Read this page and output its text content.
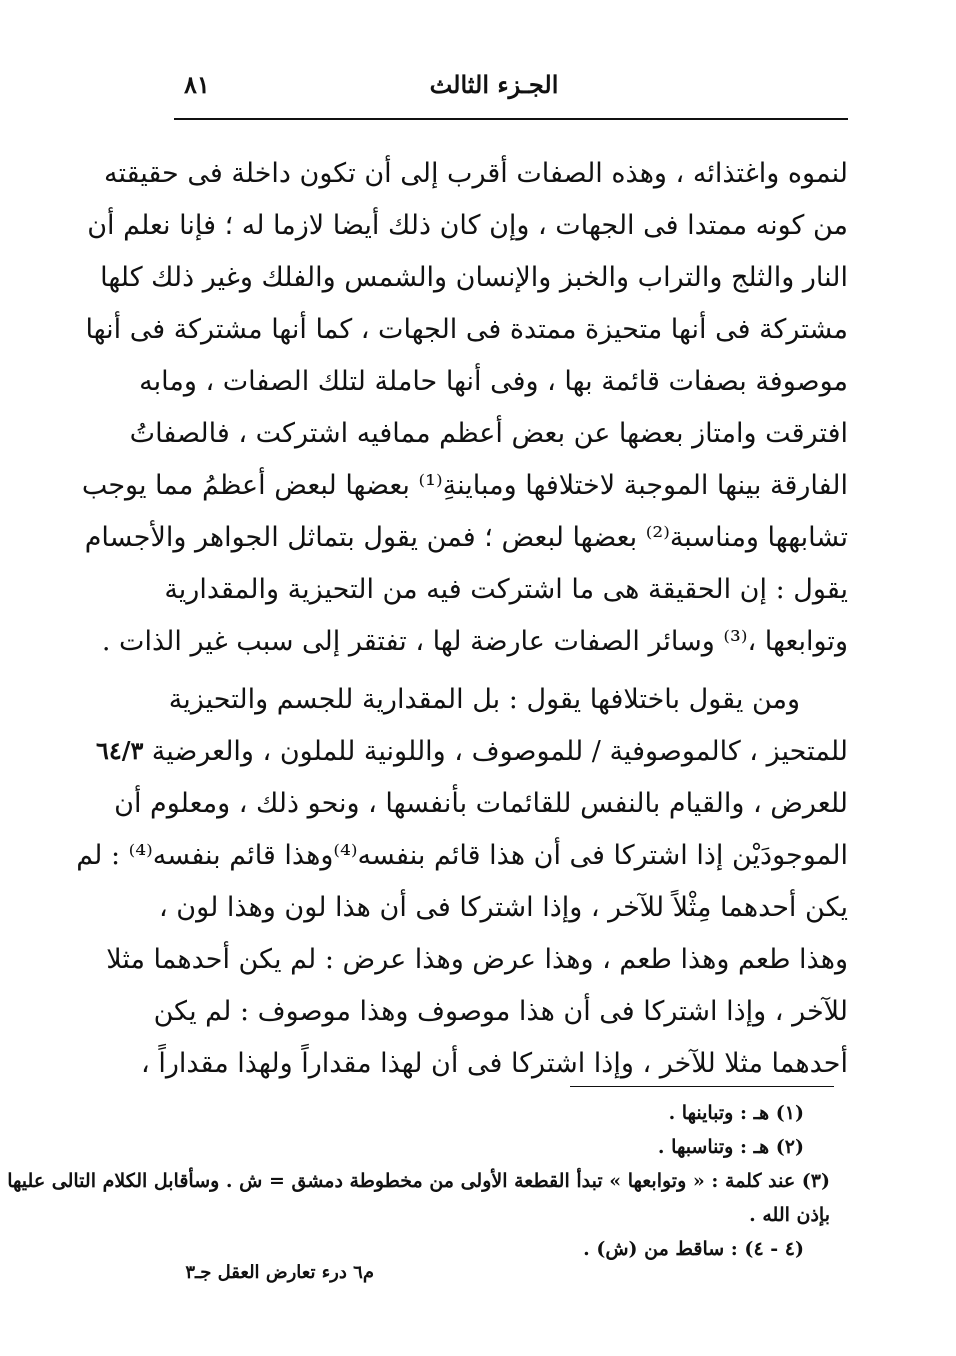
٨١	الجـزء الثالث
٦٤/٣
لنموه واغتذائه ، وهذه الصفات أقرب إلى أن تكون داخلة فى حقيقته
من كونه ممتدا فى الجهات ، وإن كان ذلك أيضا لازما له ؛ فإنا نعلم أن
النار والثلج والتراب والخبز والإنسان والشمس والفلك وغير ذلك كلها
مشتركة فى أنها متحيزة ممتدة فى الجهات ، كما أنها مشتركة فى أنها
موصوفة بصفات قائمة بها ، وفى أنها حاملة لتلك الصفات ، ومابه
افترقت وامتاز بعضها عن بعض أعظم ممافيه اشتركت ، فالصفاتُ
الفارقة بينها الموجبة لاختلافها ومباينةِ⁽¹⁾ بعضها لبعض أعظمُ مما يوجب
تشابهها ومناسبة⁽²⁾ بعضها لبعض ؛ فمن يقول بتماثل الجواهر والأجسام
يقول : إن الحقيقة هى ما اشتركت فيه من التحيزية والمقدارية
وتوابعها ،⁽³⁾ وسائر الصفات عارضة لها ، تفتقر إلى سبب غير الذات .
ومن يقول باختلافها يقول : بل المقدارية للجسم والتحيزية
للمتحيز ، كالموصوفية / للموصوف ، واللونية للملون ، والعرضية
للعرض ، والقيام بالنفس للقائمات بأنفسها ، ونحو ذلك ، ومعلوم أن
الموجودَيْن إذا اشتركا فى أن هذا قائم بنفسه⁽⁴⁾وهذا قائم بنفسه⁽⁴⁾ : لم
يكن أحدهما مِثْلاً للآخر ، وإذا اشتركا فى أن هذا لون وهذا لون ،
وهذا طعم وهذا طعم ، وهذا عرض وهذا عرض : لم يكن أحدهما مثلا
للآخر ، وإذا اشتركا فى أن هذا موصوف وهذا موصوف : لم يكن
أحدهما مثلا للآخر ، وإذا اشتركا فى أن لهذا مقداراً ولهذا مقداراً ،
(١) هـ : وتباينها .
(٢) هـ : وتناسبها .
(٣) عند كلمة : « وتوابعها » تبدأ القطعة الأولى من مخطوطة دمشق = ش . وسأقابل الكلام التالى عليها
بإذن الله .
(٤ - ٤) : ساقط من (ش) .
م٦ درء تعارض العقل جـ٣
